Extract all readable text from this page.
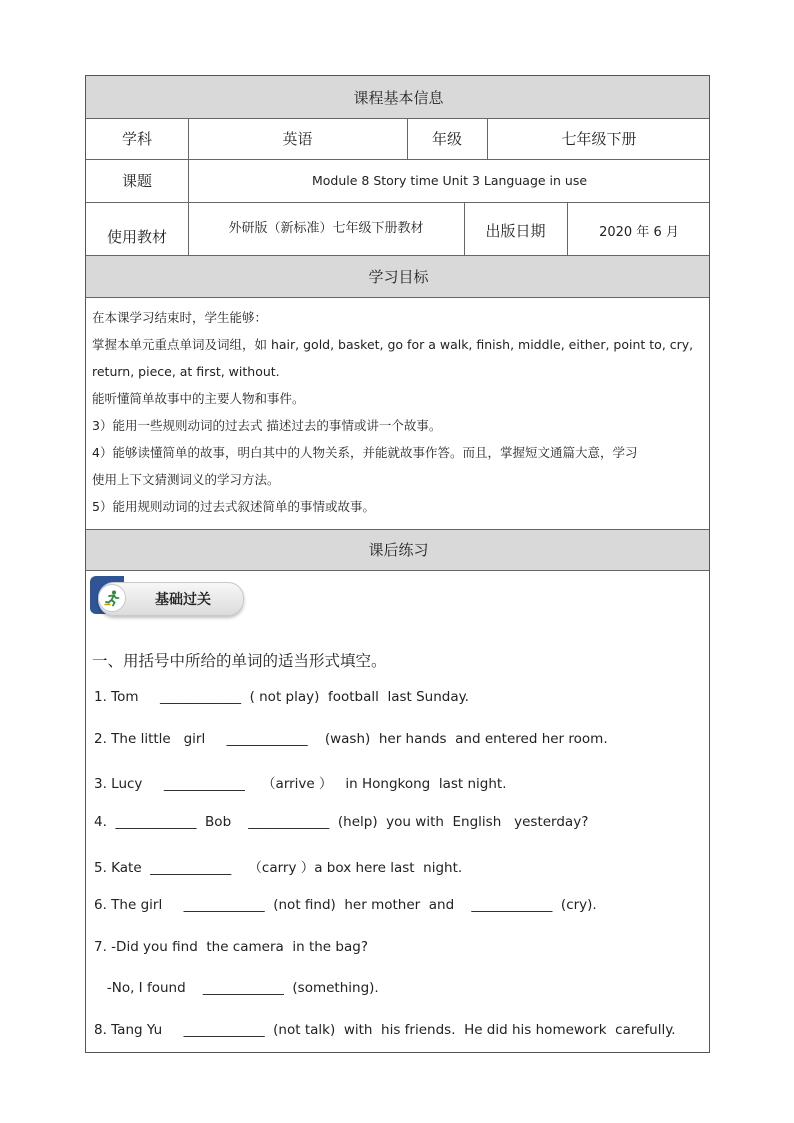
课程基本信息
学科	英语	年级	七年级下册
课题	Module 8 Story time Unit 3 Language in use
使用教材	外研版（新标准）七年级下册教材	出版日期	2020 年 6 月
学习目标
在本课学习结束时，学生能够：
掌握本单元重点单词及词组，如 hair, gold, basket, go for a walk, finish, middle, either, point to, cry,
return, piece, at first, without.
能听懂简单故事中的主要人物和事件。
3）能用一些规则动词的过去式 描述过去的事情或讲一个故事。
4）能够读懂简单的故事，明白其中的人物关系，并能就故事作答。而且，掌握短文通篇大意，学习
使用上下文猜测词义的学习方法。
5）能用规则动词的过去式叙述简单的事情或故事。
课后练习
基础过关
一、用括号中所给的单词的适当形式填空。
1. Tom     ____________  ( not play)  football  last Sunday.
2. The little   girl     ____________    (wash)  her hands  and entered her room.
3. Lucy     ____________    （arrive ）   in Hongkong  last night.
4.  ____________  Bob    ____________  (help)  you with  English   yesterday?
5. Kate  ____________    （carry ）a box here last  night.
6. The girl     ____________  (not find)  her mother  and    ____________  (cry).
7. -Did you find  the camera  in the bag?
-No, I found    ____________  (something).
8. Tang Yu     ____________  (not talk)  with  his friends.  He did his homework  carefully.
